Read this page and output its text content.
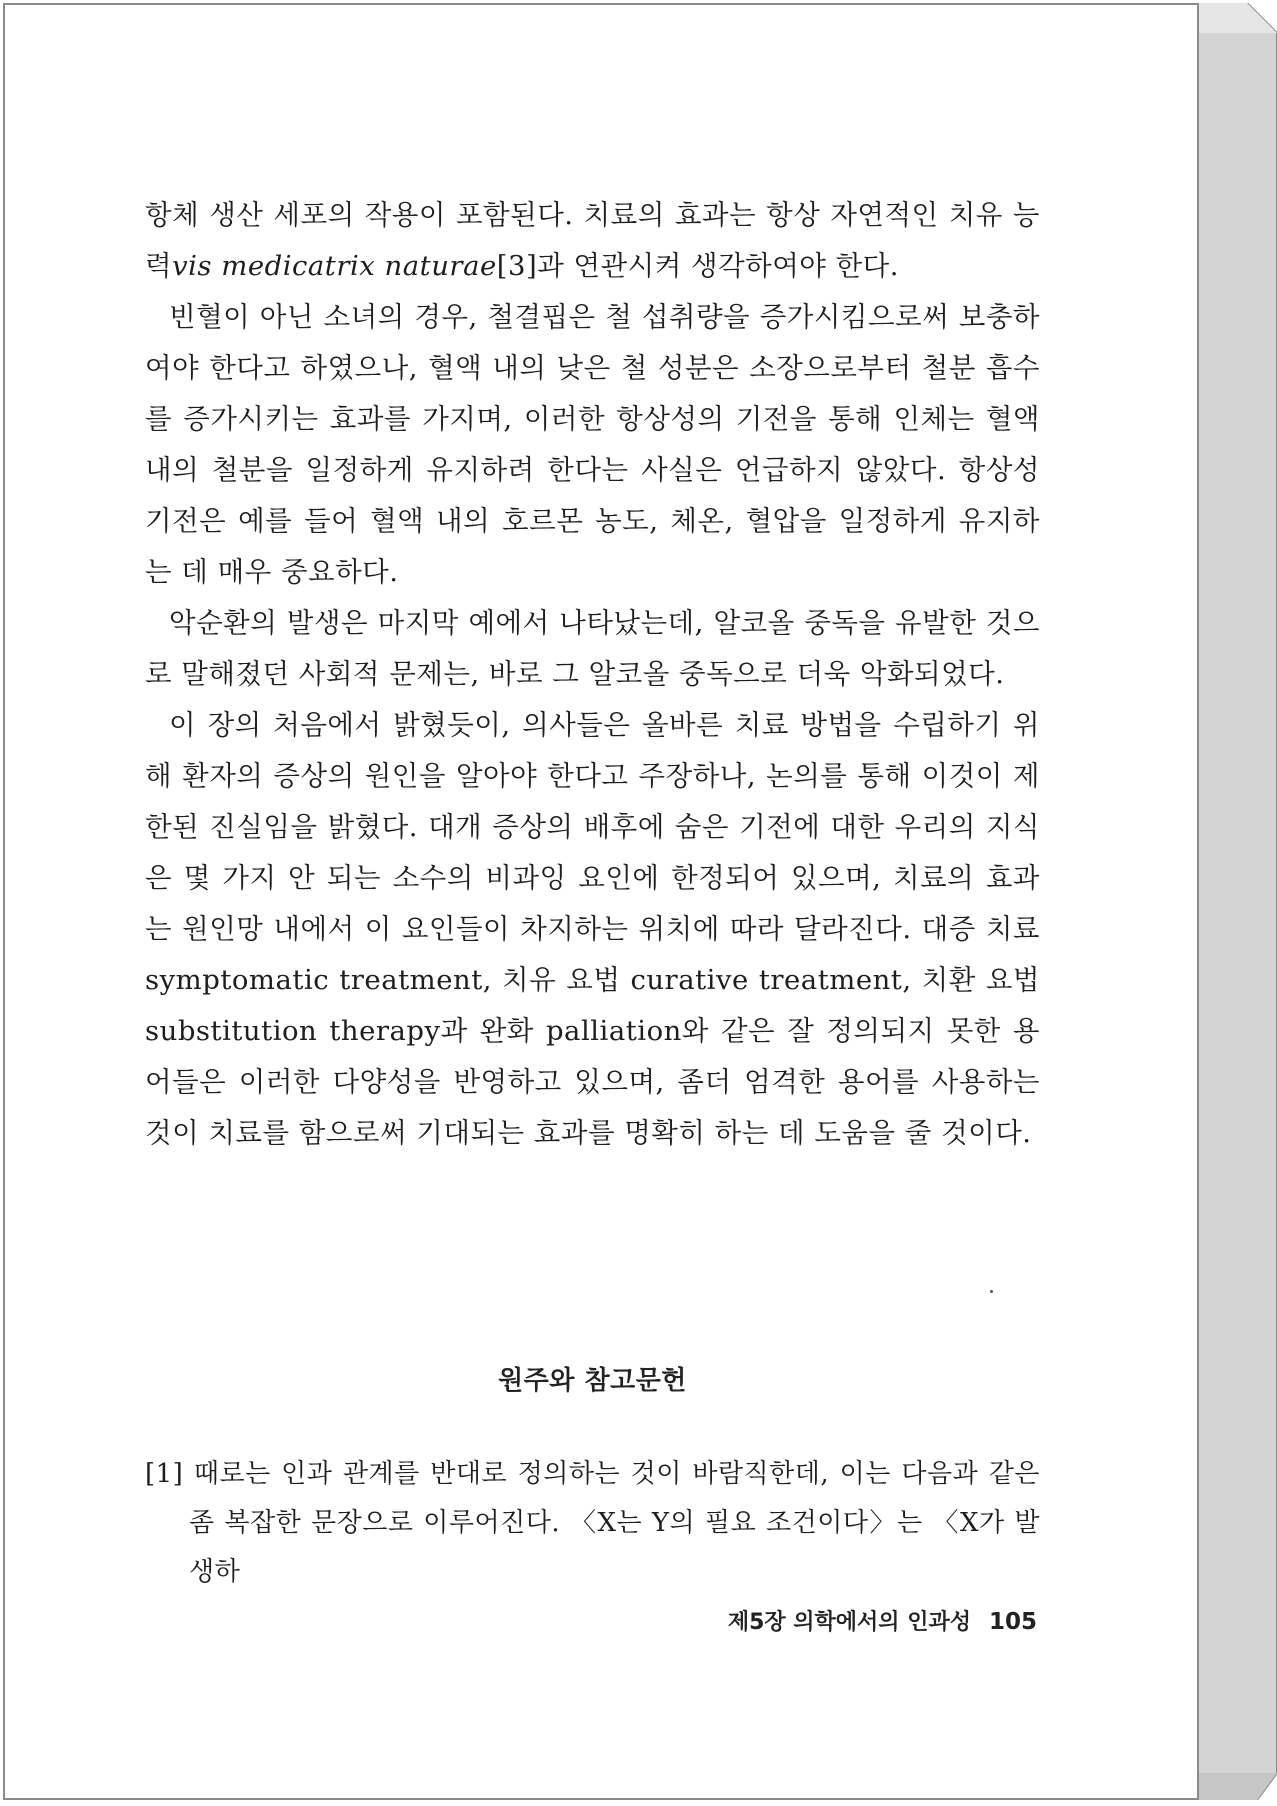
항체 생산 세포의 작용이 포함된다. 치료의 효과는 항상 자연적인 치유 능력vis medicatrix naturae[3]과 연관시켜 생각하여야 한다.

빈혈이 아닌 소녀의 경우, 철결핍은 철 섭취량을 증가시킴으로써 보충하여야 한다고 하였으나, 혈액 내의 낮은 철 성분은 소장으로부터 철분 흡수를 증가시키는 효과를 가지며, 이러한 항상성의 기전을 통해 인체는 혈액 내의 철분을 일정하게 유지하려 한다는 사실은 언급하지 않았다. 항상성 기전은 예를 들어 혈액 내의 호르몬 농도, 체온, 혈압을 일정하게 유지하는 데 매우 중요하다.

악순환의 발생은 마지막 예에서 나타났는데, 알코올 중독을 유발한 것으로 말해졌던 사회적 문제는, 바로 그 알코올 중독으로 더욱 악화되었다.

이 장의 처음에서 밝혔듯이, 의사들은 올바른 치료 방법을 수립하기 위해 환자의 증상의 원인을 알아야 한다고 주장하나, 논의를 통해 이것이 제한된 진실임을 밝혔다. 대개 증상의 배후에 숨은 기전에 대한 우리의 지식은 몇 가지 안 되는 소수의 비과잉 요인에 한정되어 있으며, 치료의 효과는 원인망 내에서 이 요인들이 차지하는 위치에 따라 달라진다. 대증 치료 symptomatic treatment, 치유 요법 curative treatment, 치환 요법 substitution therapy과 완화 palliation와 같은 잘 정의되지 못한 용어들은 이러한 다양성을 반영하고 있으며, 좀더 엄격한 용어를 사용하는 것이 치료를 함으로써 기대되는 효과를 명확히 하는 데 도움을 줄 것이다.

원주와 참고문헌

[1] 때로는 인과 관계를 반대로 정의하는 것이 바람직한데, 이는 다음과 같은 좀 복잡한 문장으로 이루어진다. 〈X는 Y의 필요 조건이다〉는 〈X가 발생하

제5장 의학에서의 인과성 105
